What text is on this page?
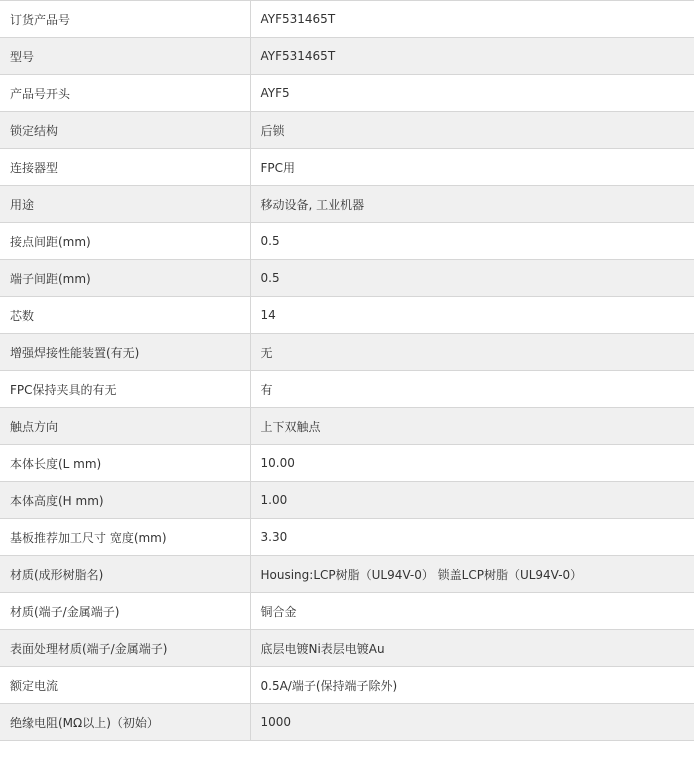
订货产品号	AYF531465T
型号	AYF531465T
产品号开头	AYF5
锁定结构	后锁
连接器型	FPC用
用途	移动设备, 工业机器
接点间距(mm)	0.5
端子间距(mm)	0.5
芯数	14
增强焊接性能装置(有无)	无
FPC保持夹具的有无	有
触点方向	上下双触点
本体长度(L mm)	10.00
本体高度(H mm)	1.00
基板推荐加工尺寸 宽度(mm)	3.30
材质(成形树脂名)	Housing:LCP树脂（UL94V-0） 锁盖LCP树脂（UL94V-0）
材质(端子/金属端子)	铜合金
表面处理材质(端子/金属端子)	底层电镀Ni表层电镀Au
额定电流	0.5A/端子(保持端子除外)
绝缘电阻(MΩ以上)（初始）	1000
